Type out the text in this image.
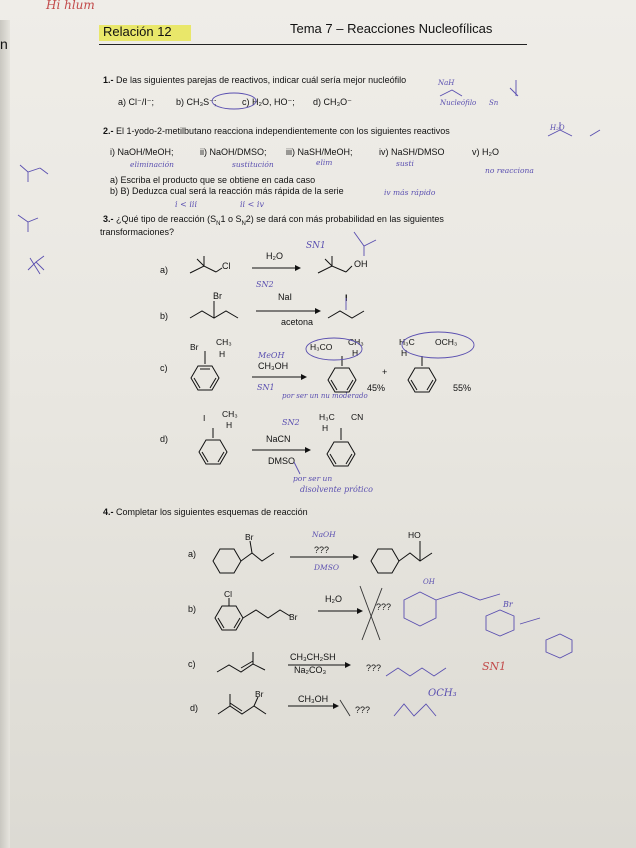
Hi hlum
n
Relación 12	Tema 7 – Reacciones Nucleofílicas
1.- De las siguientes parejas de reactivos, indicar cuál sería mejor nucleófilo
a) Cl⁻/I⁻; b) CH₃S⁻;	c) H₂O, HO⁻; d) CH₃O⁻
NaH
Nucleófilo Sn
2.- El 1-yodo-2-metilbutano reacciona independientemente con los siguientes reactivos
i) NaOH/MeOH;	ii) NaOH/DMSO; iii) NaSH/MeOH;	iv) NaSH/DMSO	v) H₂O
eliminación	sustitución	elim	susti
no reacciona
H₂O
a) Escriba el producto que se obtiene en cada caso
b) B) Deduzca cual será la reacción más rápida de la serie	iv más rápido
i < iii	ii < iv
3.- ¿Qué tipo de reacción ($S_N1$ o $S_N2$) se dará con más probabilidad en las siguientes
transformaciones?
a)	Cl
H₂O
OH
SN1
b)
Br	NaI
acetona
SN2
I
c)
Br CH₃
H	MeOH
CH₃OH
SN1
por ser un nu moderado
H₃CO CH₃
H
+
45%
H₃C OCH₃
H
55%
d)
I CH₃
H	SN2
NaCN
DMSO
H₃C CN
H
por ser un
disolvente prótico
4.- Completar los siguientes esquemas de reacción
a)
Br	NaOH
???
DMSO
HO
b)
Cl
Br
H₂O
???
OH
Br
c)
CH₃CH₂SH
Na₂CO₃	???	SN1
d)
Br	CH₃OH
???
OCH₃
